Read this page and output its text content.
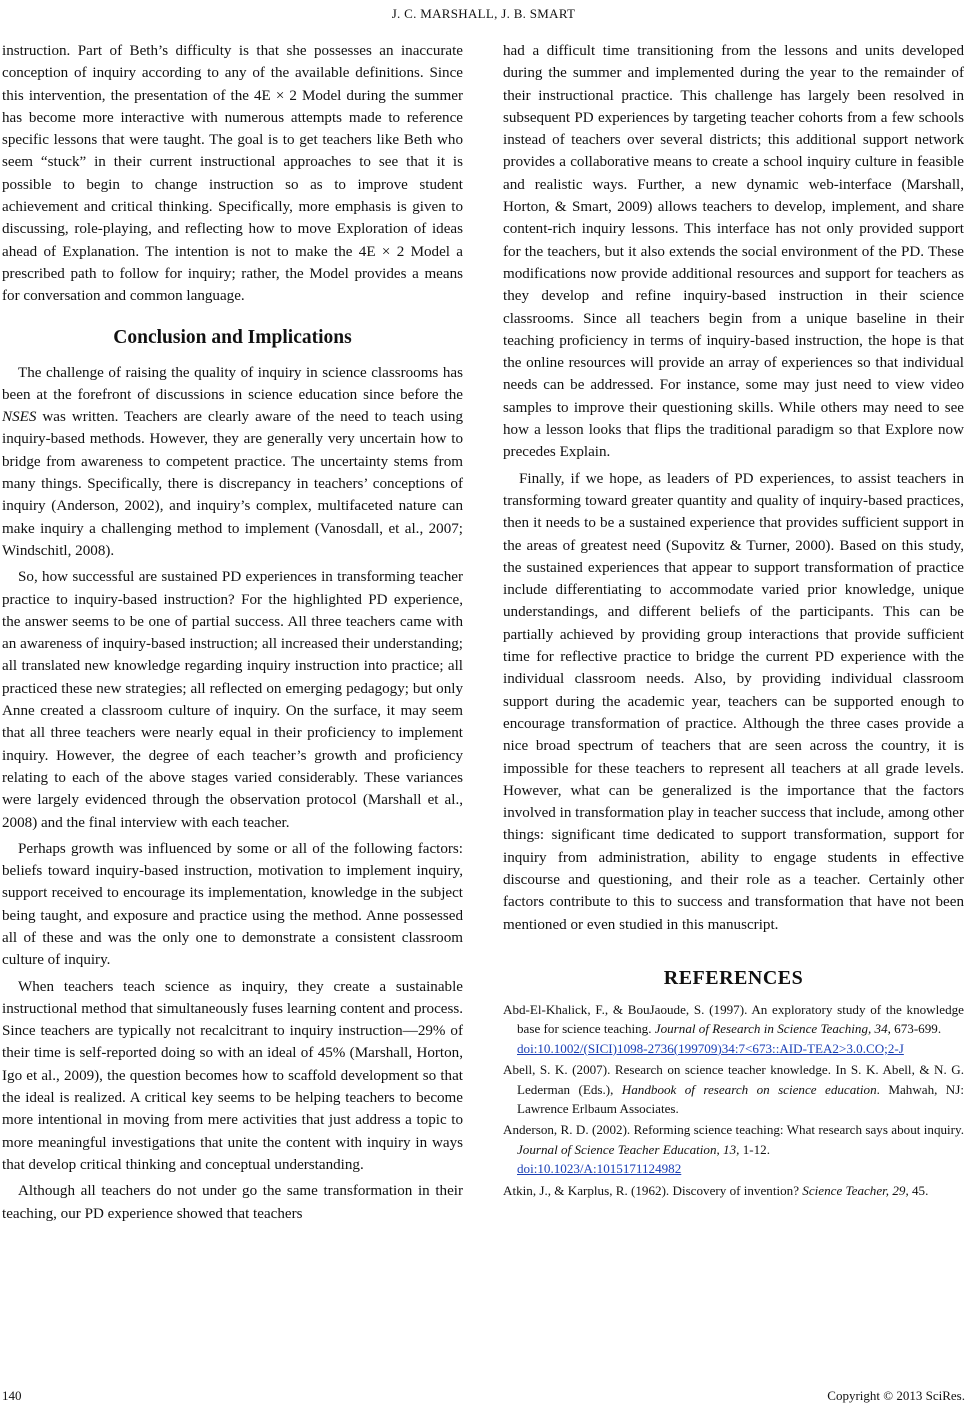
J. C. MARSHALL, J. B. SMART

instruction. Part of Beth’s difficulty is that she possesses an inaccurate conception of inquiry according to any of the available definitions. Since this intervention, the presentation of the 4E × 2 Model during the summer has become more interactive with numerous attempts made to reference specific lessons that were taught. The goal is to get teachers like Beth who seem “stuck” in their current instructional approaches to see that it is possible to begin to change instruction so as to improve student achievement and critical thinking. Specifically, more emphasis is given to discussing, role-playing, and reflecting how to move Exploration of ideas ahead of Explanation. The intention is not to make the 4E × 2 Model a prescribed path to follow for inquiry; rather, the Model provides a means for conversation and common language.

Conclusion and Implications

The challenge of raising the quality of inquiry in science classrooms has been at the forefront of discussions in science education since before the NSES was written. Teachers are clearly aware of the need to teach using inquiry-based methods. However, they are generally very uncertain how to bridge from awareness to competent practice. The uncertainty stems from many things. Specifically, there is discrepancy in teachers’ conceptions of inquiry (Anderson, 2002), and inquiry’s complex, multifaceted nature can make inquiry a challenging method to implement (Vanosdall, et al., 2007; Windschitl, 2008).

So, how successful are sustained PD experiences in transforming teacher practice to inquiry-based instruction? For the highlighted PD experience, the answer seems to be one of partial success. All three teachers came with an awareness of inquiry-based instruction; all increased their understanding; all translated new knowledge regarding inquiry instruction into practice; all practiced these new strategies; all reflected on emerging pedagogy; but only Anne created a classroom culture of inquiry. On the surface, it may seem that all three teachers were nearly equal in their proficiency to implement inquiry. However, the degree of each teacher’s growth and proficiency relating to each of the above stages varied considerably. These variances were largely evidenced through the observation protocol (Marshall et al., 2008) and the final interview with each teacher.

Perhaps growth was influenced by some or all of the following factors: beliefs toward inquiry-based instruction, motivation to implement inquiry, support received to encourage its implementation, knowledge in the subject being taught, and exposure and practice using the method. Anne possessed all of these and was the only one to demonstrate a consistent classroom culture of inquiry.

When teachers teach science as inquiry, they create a sustainable instructional method that simultaneously fuses learning content and process. Since teachers are typically not recalcitrant to inquiry instruction—29% of their time is self-reported doing so with an ideal of 45% (Marshall, Horton, Igo et al., 2009), the question becomes how to scaffold development so that the ideal is realized. A critical key seems to be helping teachers to become more intentional in moving from mere activities that just address a topic to more meaningful investigations that unite the content with inquiry in ways that develop critical thinking and conceptual understanding.

Although all teachers do not under go the same transformation in their teaching, our PD experience showed that teachers

had a difficult time transitioning from the lessons and units developed during the summer and implemented during the year to the remainder of their instructional practice. This challenge has largely been resolved in subsequent PD experiences by targeting teacher cohorts from a few schools instead of teachers over several districts; this additional support network provides a collaborative means to create a school inquiry culture in feasible and realistic ways. Further, a new dynamic web-interface (Marshall, Horton, & Smart, 2009) allows teachers to develop, implement, and share content-rich inquiry lessons. This interface has not only provided support for the teachers, but it also extends the social environment of the PD. These modifications now provide additional resources and support for teachers as they develop and refine inquiry-based instruction in their science classrooms. Since all teachers begin from a unique baseline in their teaching proficiency in terms of inquiry-based instruction, the hope is that the online resources will provide an array of experiences so that individual needs can be addressed. For instance, some may just need to view video samples to improve their questioning skills. While others may need to see how a lesson looks that flips the traditional paradigm so that Explore now precedes Explain.

Finally, if we hope, as leaders of PD experiences, to assist teachers in transforming toward greater quantity and quality of inquiry-based practices, then it needs to be a sustained experience that provides sufficient support in the areas of greatest need (Supovitz & Turner, 2000). Based on this study, the sustained experiences that appear to support transformation of practice include differentiating to accommodate varied prior knowledge, unique understandings, and different beliefs of the participants. This can be partially achieved by providing group interactions that provide sufficient time for reflective practice to bridge the current PD experience with the individual classroom needs. Also, by providing individual classroom support during the academic year, teachers can be supported enough to encourage transformation of practice. Although the three cases provide a nice broad spectrum of teachers that are seen across the country, it is impossible for these teachers to represent all teachers at all grade levels. However, what can be generalized is the importance that the factors involved in transformation play in teacher success that include, among other things: significant time dedicated to support transformation, support for inquiry from administration, ability to engage students in effective discourse and questioning, and their role as a teacher. Certainly other factors contribute to this to success and transformation that have not been mentioned or even studied in this manuscript.

REFERENCES
Abd-El-Khalick, F., & BouJaoude, S. (1997). An exploratory study of the knowledge base for science teaching. Journal of Research in Science Teaching, 34, 673-699.
doi:10.1002/(SICI)1098-2736(199709)34:7<673::AID-TEA2>3.0.CO;2-J
Abell, S. K. (2007). Research on science teacher knowledge. In S. K. Abell, & N. G. Lederman (Eds.), Handbook of research on science education. Mahwah, NJ: Lawrence Erlbaum Associates.
Anderson, R. D. (2002). Reforming science teaching: What research says about inquiry. Journal of Science Teacher Education, 13, 1-12.
doi:10.1023/A:1015171124982
Atkin, J., & Karplus, R. (1962). Discovery of invention? Science Teacher, 29, 45.
140	Copyright © 2013 SciRes.
